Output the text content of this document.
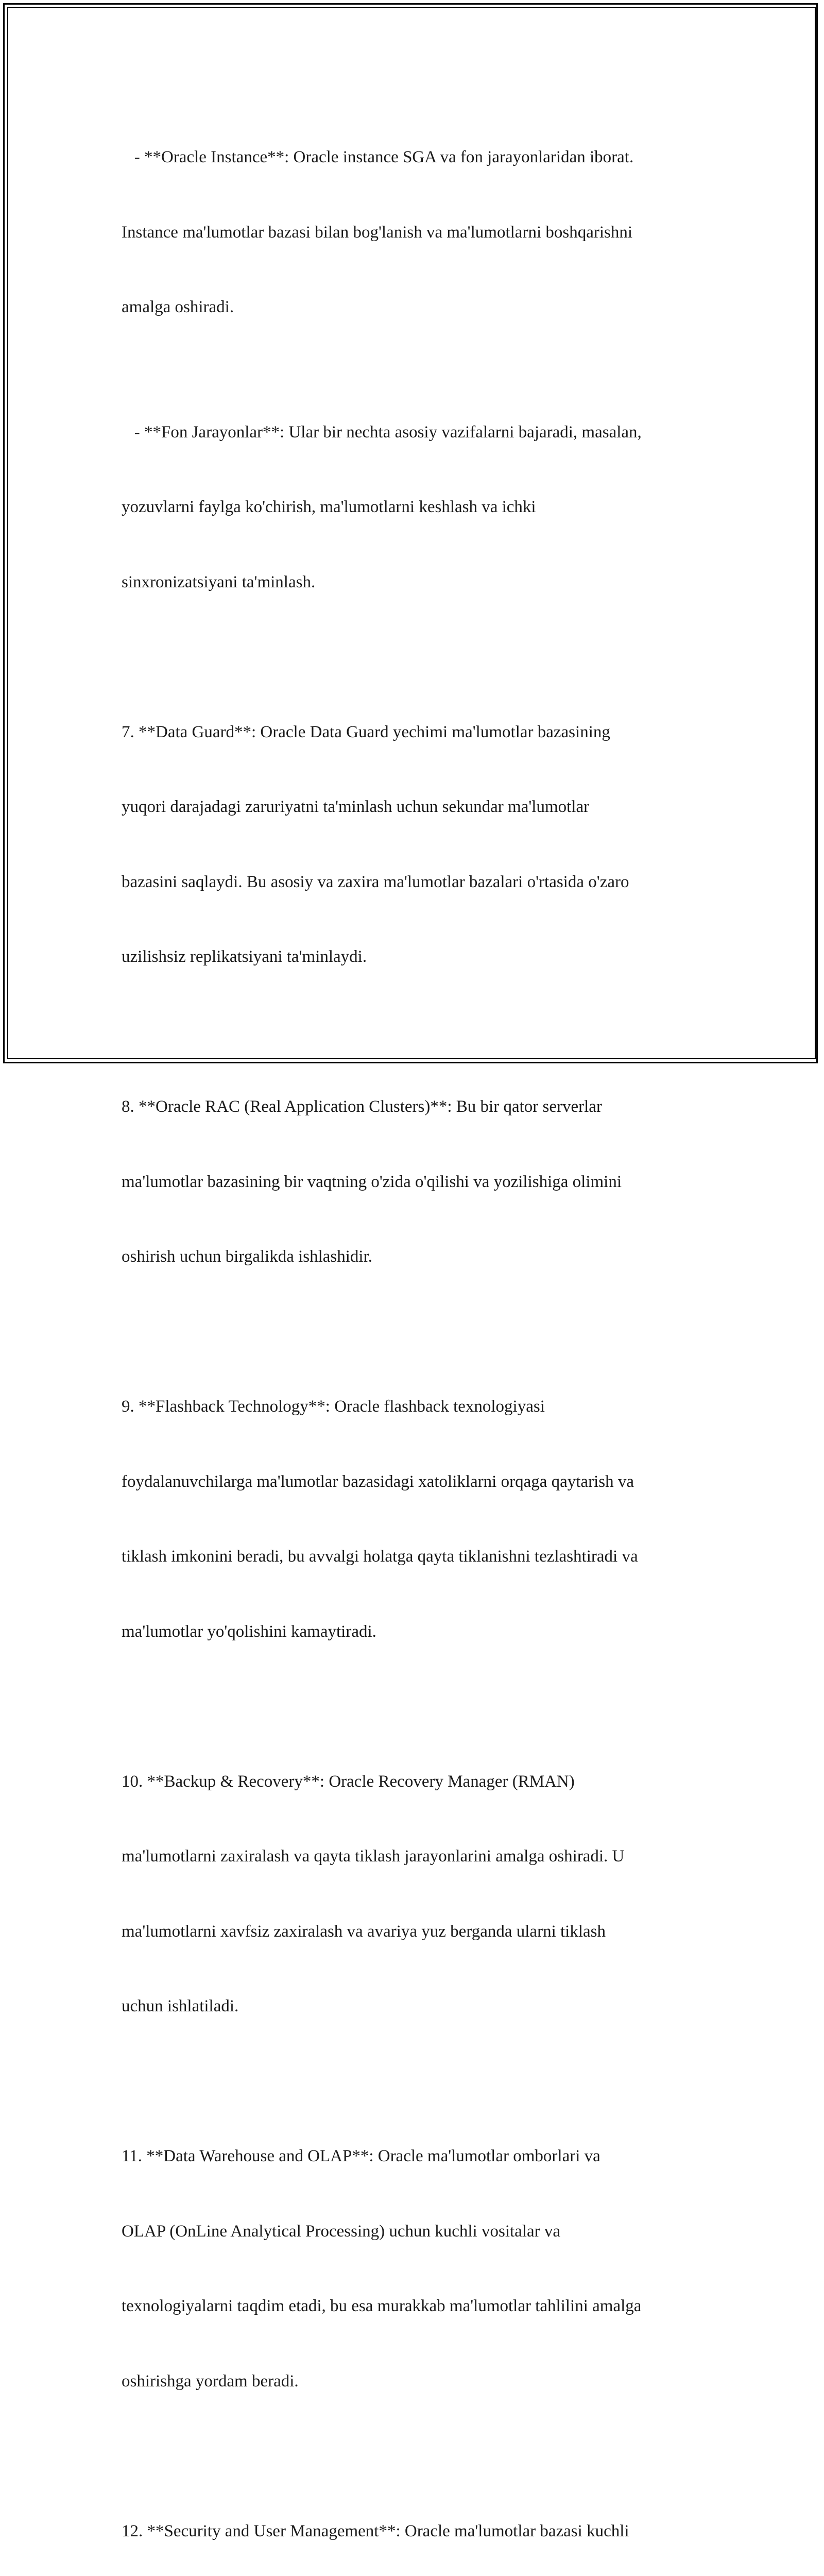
- **Oracle Instance**: Oracle instance SGA va fon jarayonlaridan iborat.

Instance ma'lumotlar bazasi bilan bog'lanish va ma'lumotlarni boshqarishni

amalga oshiradi.

- **Fon Jarayonlar**: Ular bir nechta asosiy vazifalarni bajaradi, masalan,

yozuvlarni faylga ko'chirish, ma'lumotlarni keshlash va ichki

sinxronizatsiyani ta'minlash.

7. **Data Guard**: Oracle Data Guard yechimi ma'lumotlar bazasining

yuqori darajadagi zaruriyatni ta'minlash uchun sekundar ma'lumotlar

bazasini saqlaydi. Bu asosiy va zaxira ma'lumotlar bazalari o'rtasida o'zaro

uzilishsiz replikatsiyani ta'minlaydi.

8. **Oracle RAC (Real Application Clusters)**: Bu bir qator serverlar

ma'lumotlar bazasining bir vaqtning o'zida o'qilishi va yozilishiga olimini

oshirish uchun birgalikda ishlashidir.

9. **Flashback Technology**: Oracle flashback texnologiyasi

foydalanuvchilarga ma'lumotlar bazasidagi xatoliklarni orqaga qaytarish va

tiklash imkonini beradi, bu avvalgi holatga qayta tiklanishni tezlashtiradi va

ma'lumotlar yo'qolishini kamaytiradi.

10. **Backup & Recovery**: Oracle Recovery Manager (RMAN)

ma'lumotlarni zaxiralash va qayta tiklash jarayonlarini amalga oshiradi. U

ma'lumotlarni xavfsiz zaxiralash va avariya yuz berganda ularni tiklash

uchun ishlatiladi.

11. **Data Warehouse and OLAP**: Oracle ma'lumotlar omborlari va

OLAP (OnLine Analytical Processing) uchun kuchli vositalar va

texnologiyalarni taqdim etadi, bu esa murakkab ma'lumotlar tahlilini amalga

oshirishga yordam beradi.

12. **Security and User Management**: Oracle ma'lumotlar bazasi kuchli
